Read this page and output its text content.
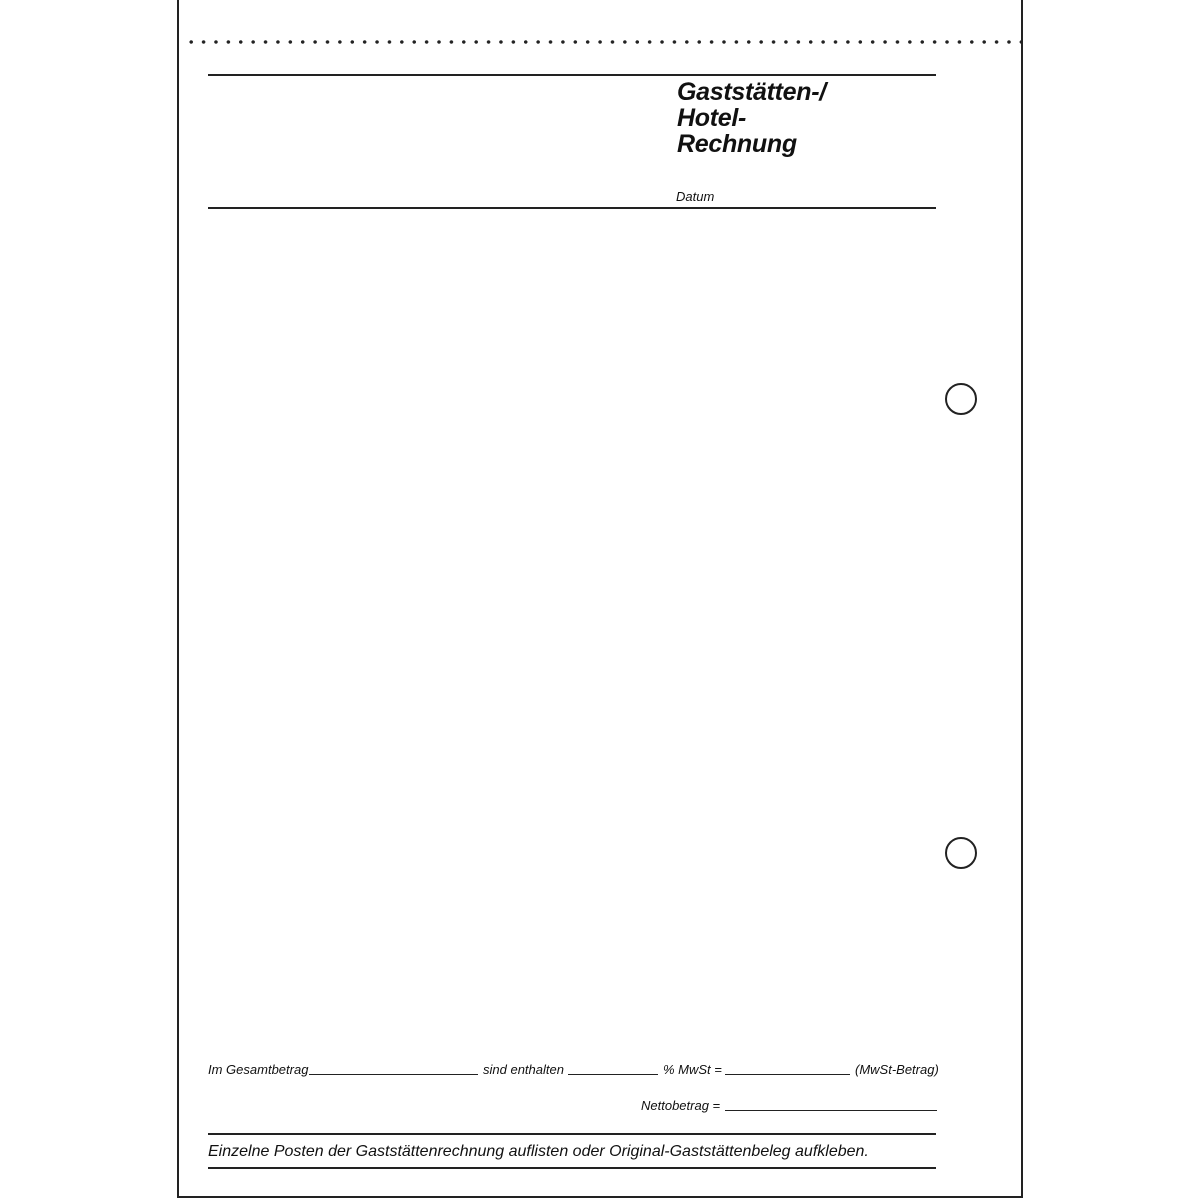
Gaststätten-/
Hotel-
Rechnung
Datum
Im Gesamtbetrag	sind enthalten	% MwSt =	(MwSt-Betrag)
Nettobetrag =
Einzelne Posten der Gaststättenrechnung auflisten oder Original-Gaststättenbeleg aufkleben.
